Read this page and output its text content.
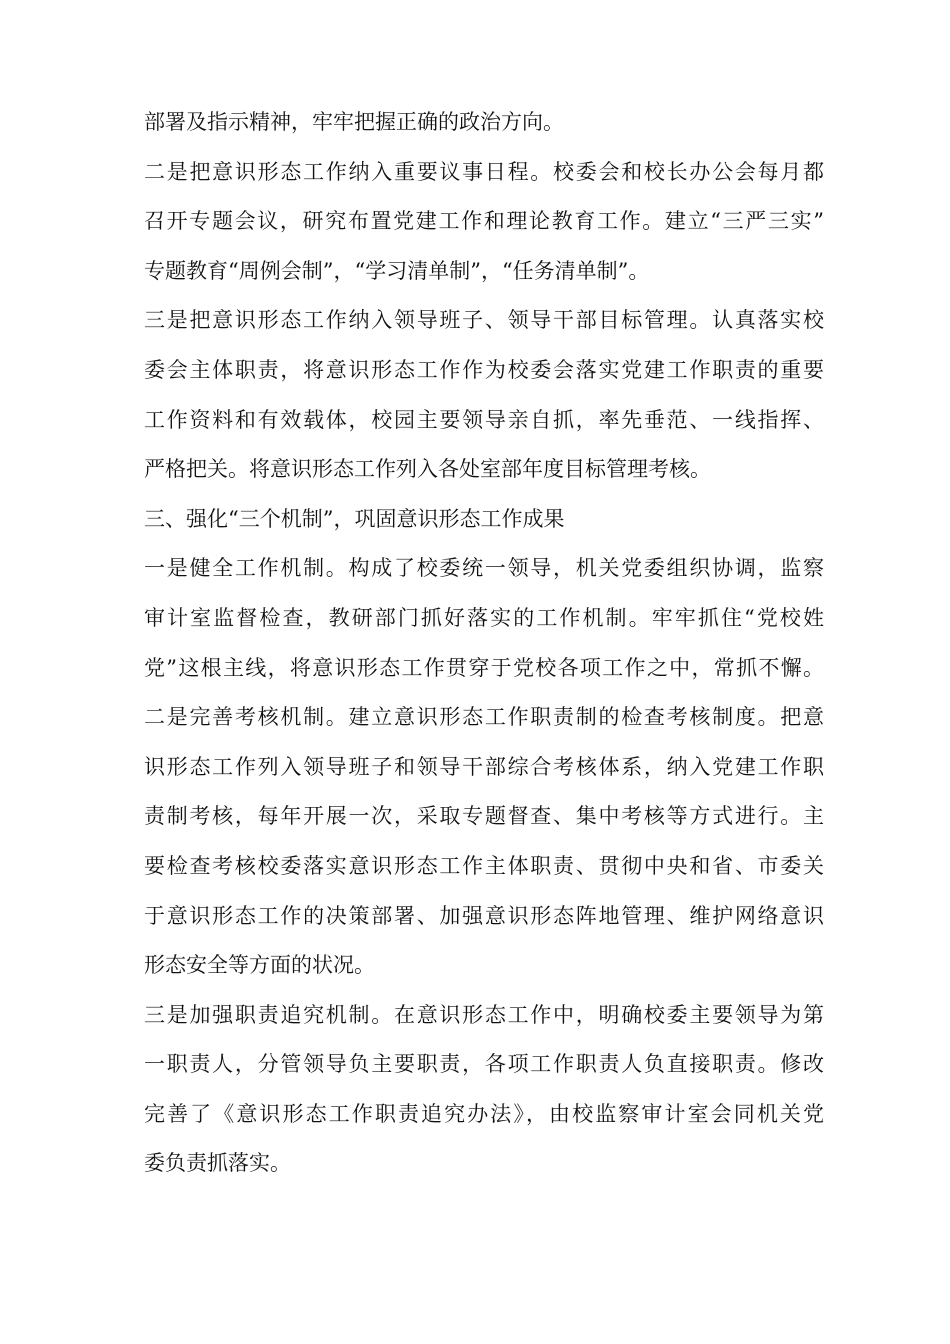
部署及指示精神，牢牢把握正确的政治方向。
二是把意识形态工作纳入重要议事日程。校委会和校长办公会每月都
召开专题会议，研究布置党建工作和理论教育工作。建立“三严三实”
专题教育“周例会制”，“学习清单制”，“任务清单制”。
三是把意识形态工作纳入领导班子、领导干部目标管理。认真落实校
委会主体职责，将意识形态工作作为校委会落实党建工作职责的重要
工作资料和有效载体，校园主要领导亲自抓，率先垂范、一线指挥、
严格把关。将意识形态工作列入各处室部年度目标管理考核。
三、强化“三个机制”，巩固意识形态工作成果
一是健全工作机制。构成了校委统一领导，机关党委组织协调，监察
审计室监督检查，教研部门抓好落实的工作机制。牢牢抓住“党校姓
党”这根主线，将意识形态工作贯穿于党校各项工作之中，常抓不懈。
二是完善考核机制。建立意识形态工作职责制的检查考核制度。把意
识形态工作列入领导班子和领导干部综合考核体系，纳入党建工作职
责制考核，每年开展一次，采取专题督查、集中考核等方式进行。主
要检查考核校委落实意识形态工作主体职责、贯彻中央和省、市委关
于意识形态工作的决策部署、加强意识形态阵地管理、维护网络意识
形态安全等方面的状况。
三是加强职责追究机制。在意识形态工作中，明确校委主要领导为第
一职责人，分管领导负主要职责，各项工作职责人负直接职责。修改
完善了《意识形态工作职责追究办法》，由校监察审计室会同机关党
委负责抓落实。
